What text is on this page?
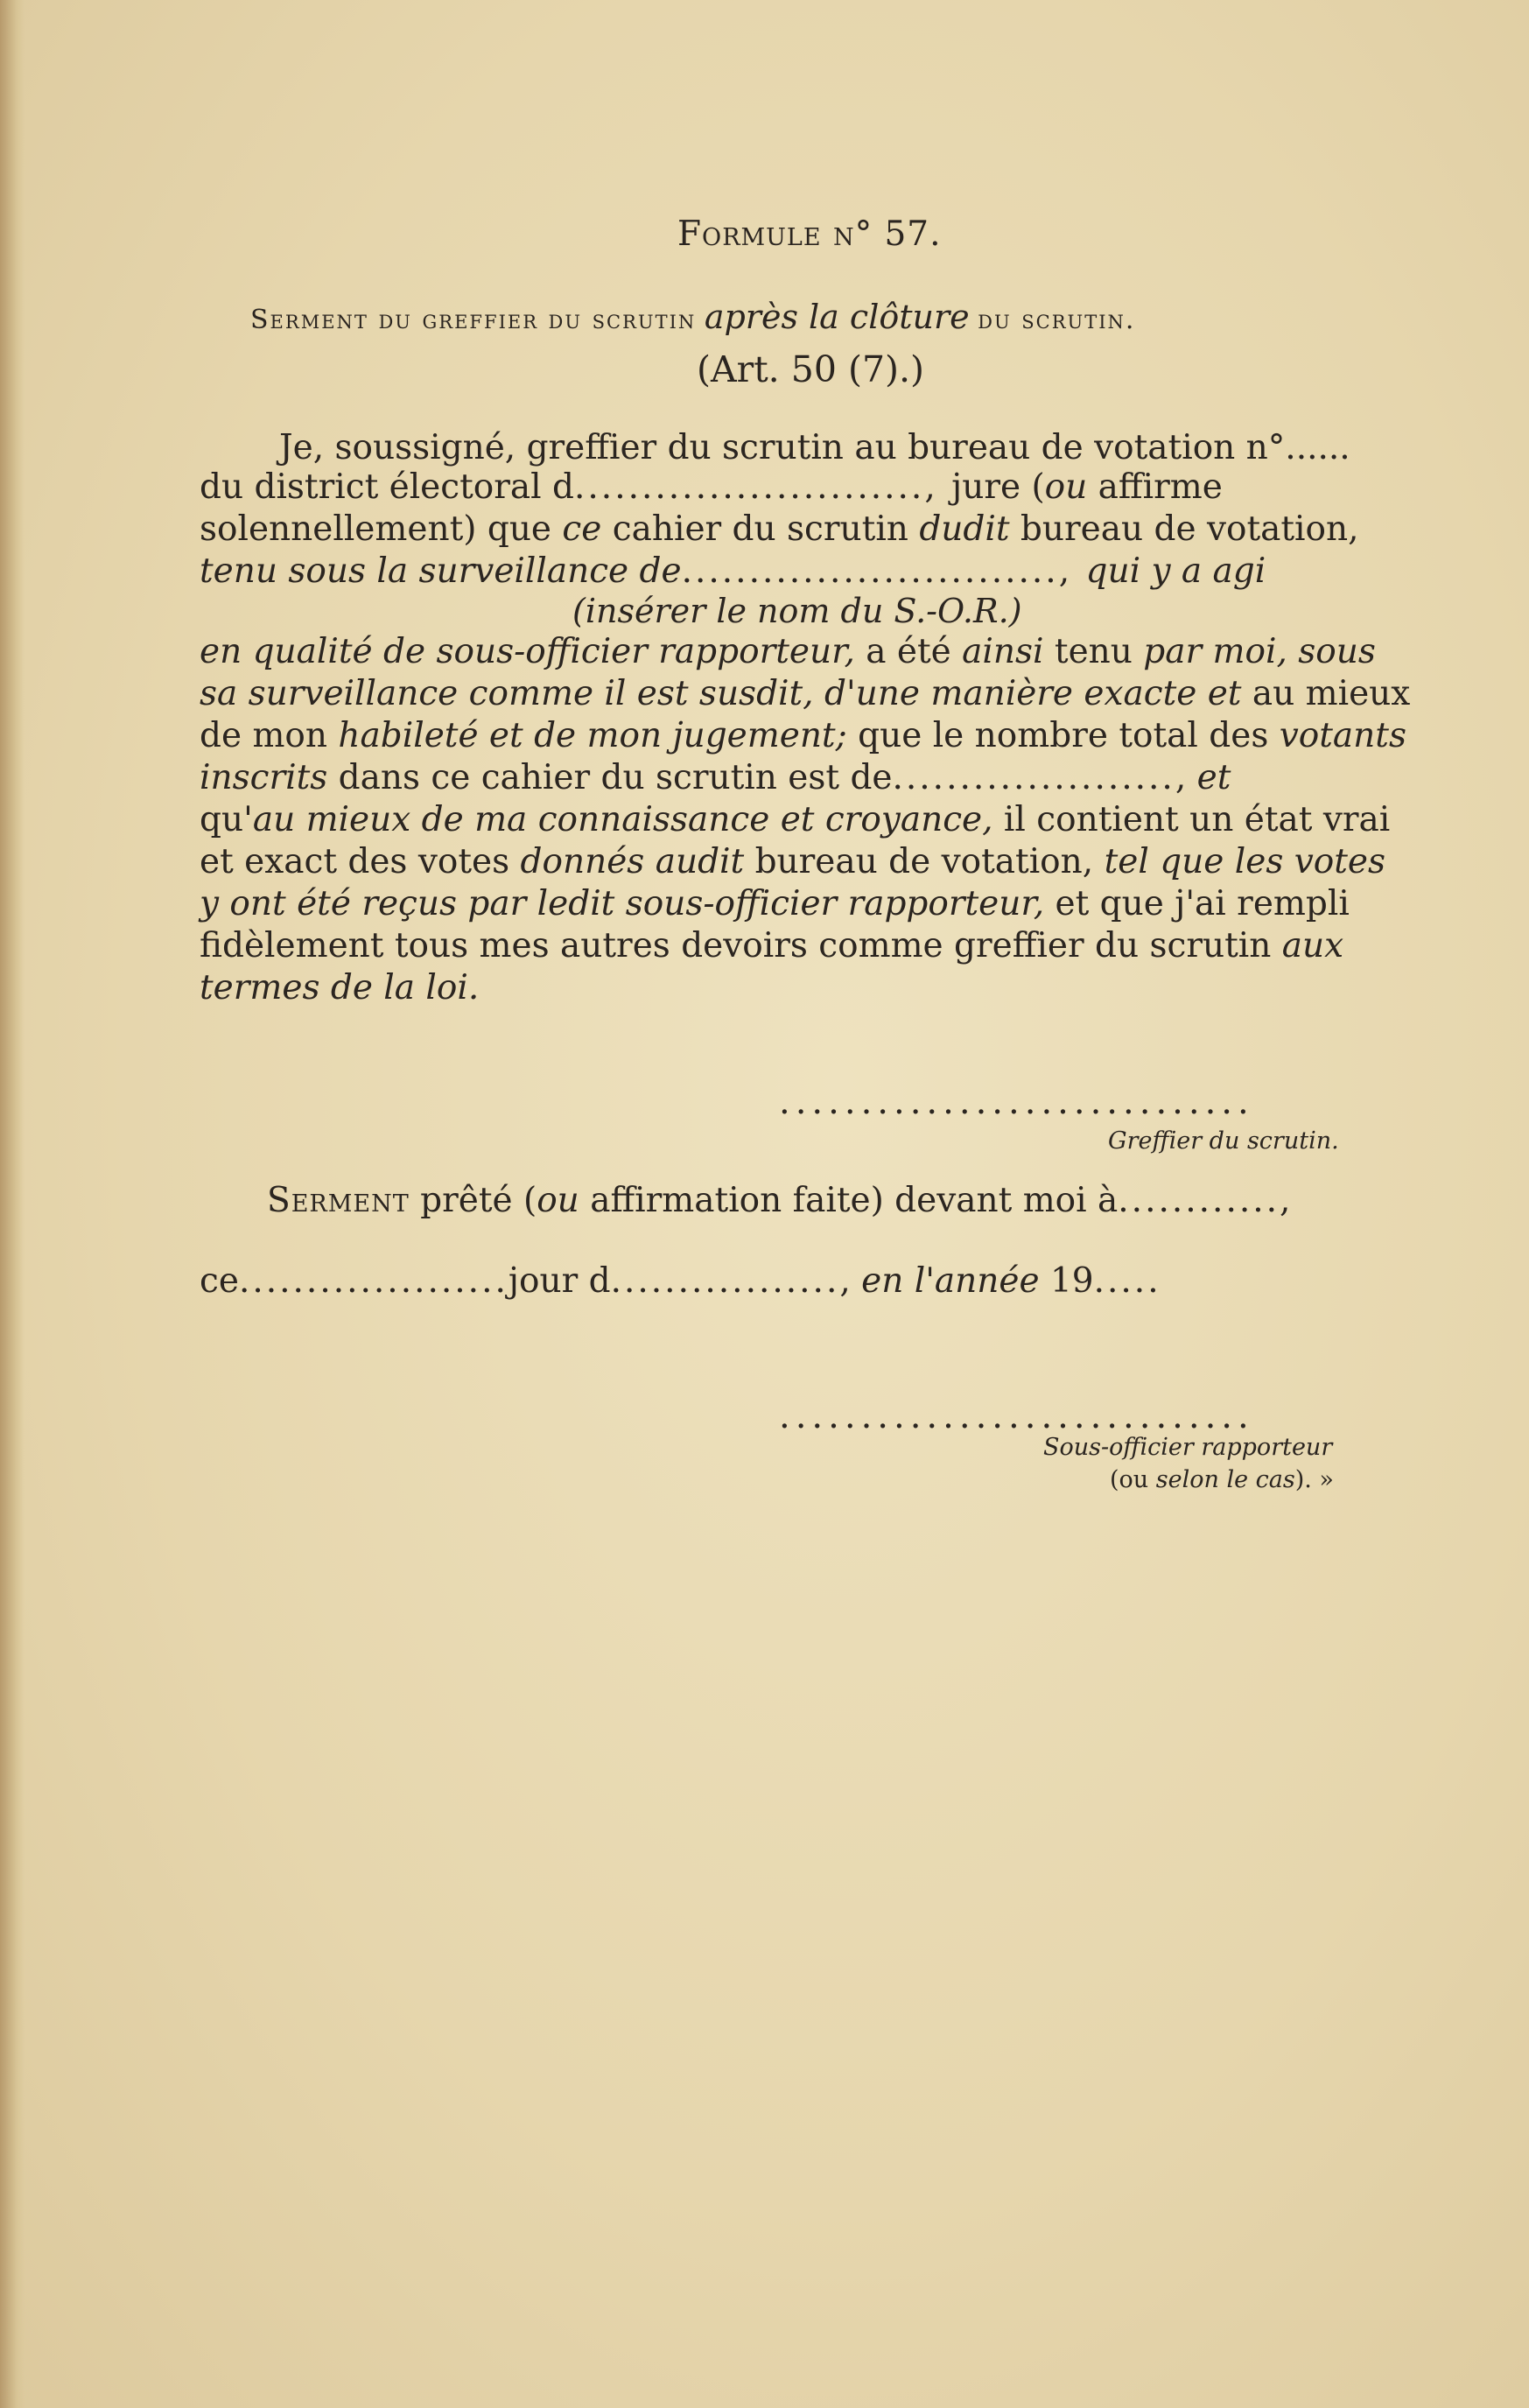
Formule n° 57.
Serment du greffier du scrutin après la clôture du scrutin.
(Art. 50 (7).)
Je, soussigné, greffier du scrutin au bureau de votation n°......
du district électoral d.........................., jure (ou affirme
solennellement) que ce cahier du scrutin dudit bureau de votation,
tenu sous la surveillance de............................, qui y a agi
(insérer le nom du S.-O.R.)
en qualité de sous-officier rapporteur, a été ainsi tenu par moi, sous
sa surveillance comme il est susdit, d'une manière exacte et au mieux
de mon habileté et de mon jugement; que le nombre total des votants
inscrits dans ce cahier du scrutin est de....................., et
qu'au mieux de ma connaissance et croyance, il contient un état vrai
et exact des votes donnés audit bureau de votation, tel que les votes
y ont été reçus par ledit sous-officier rapporteur, et que j'ai rempli
fidèlement tous mes autres devoirs comme greffier du scrutin aux
termes de la loi.
.............................
Greffier du scrutin.
Serment prêté (ou affirmation faite) devant moi à............,
ce....................jour d................., en l'année 19.....
.............................
Sous-officier rapporteur
(ou selon le cas). »
